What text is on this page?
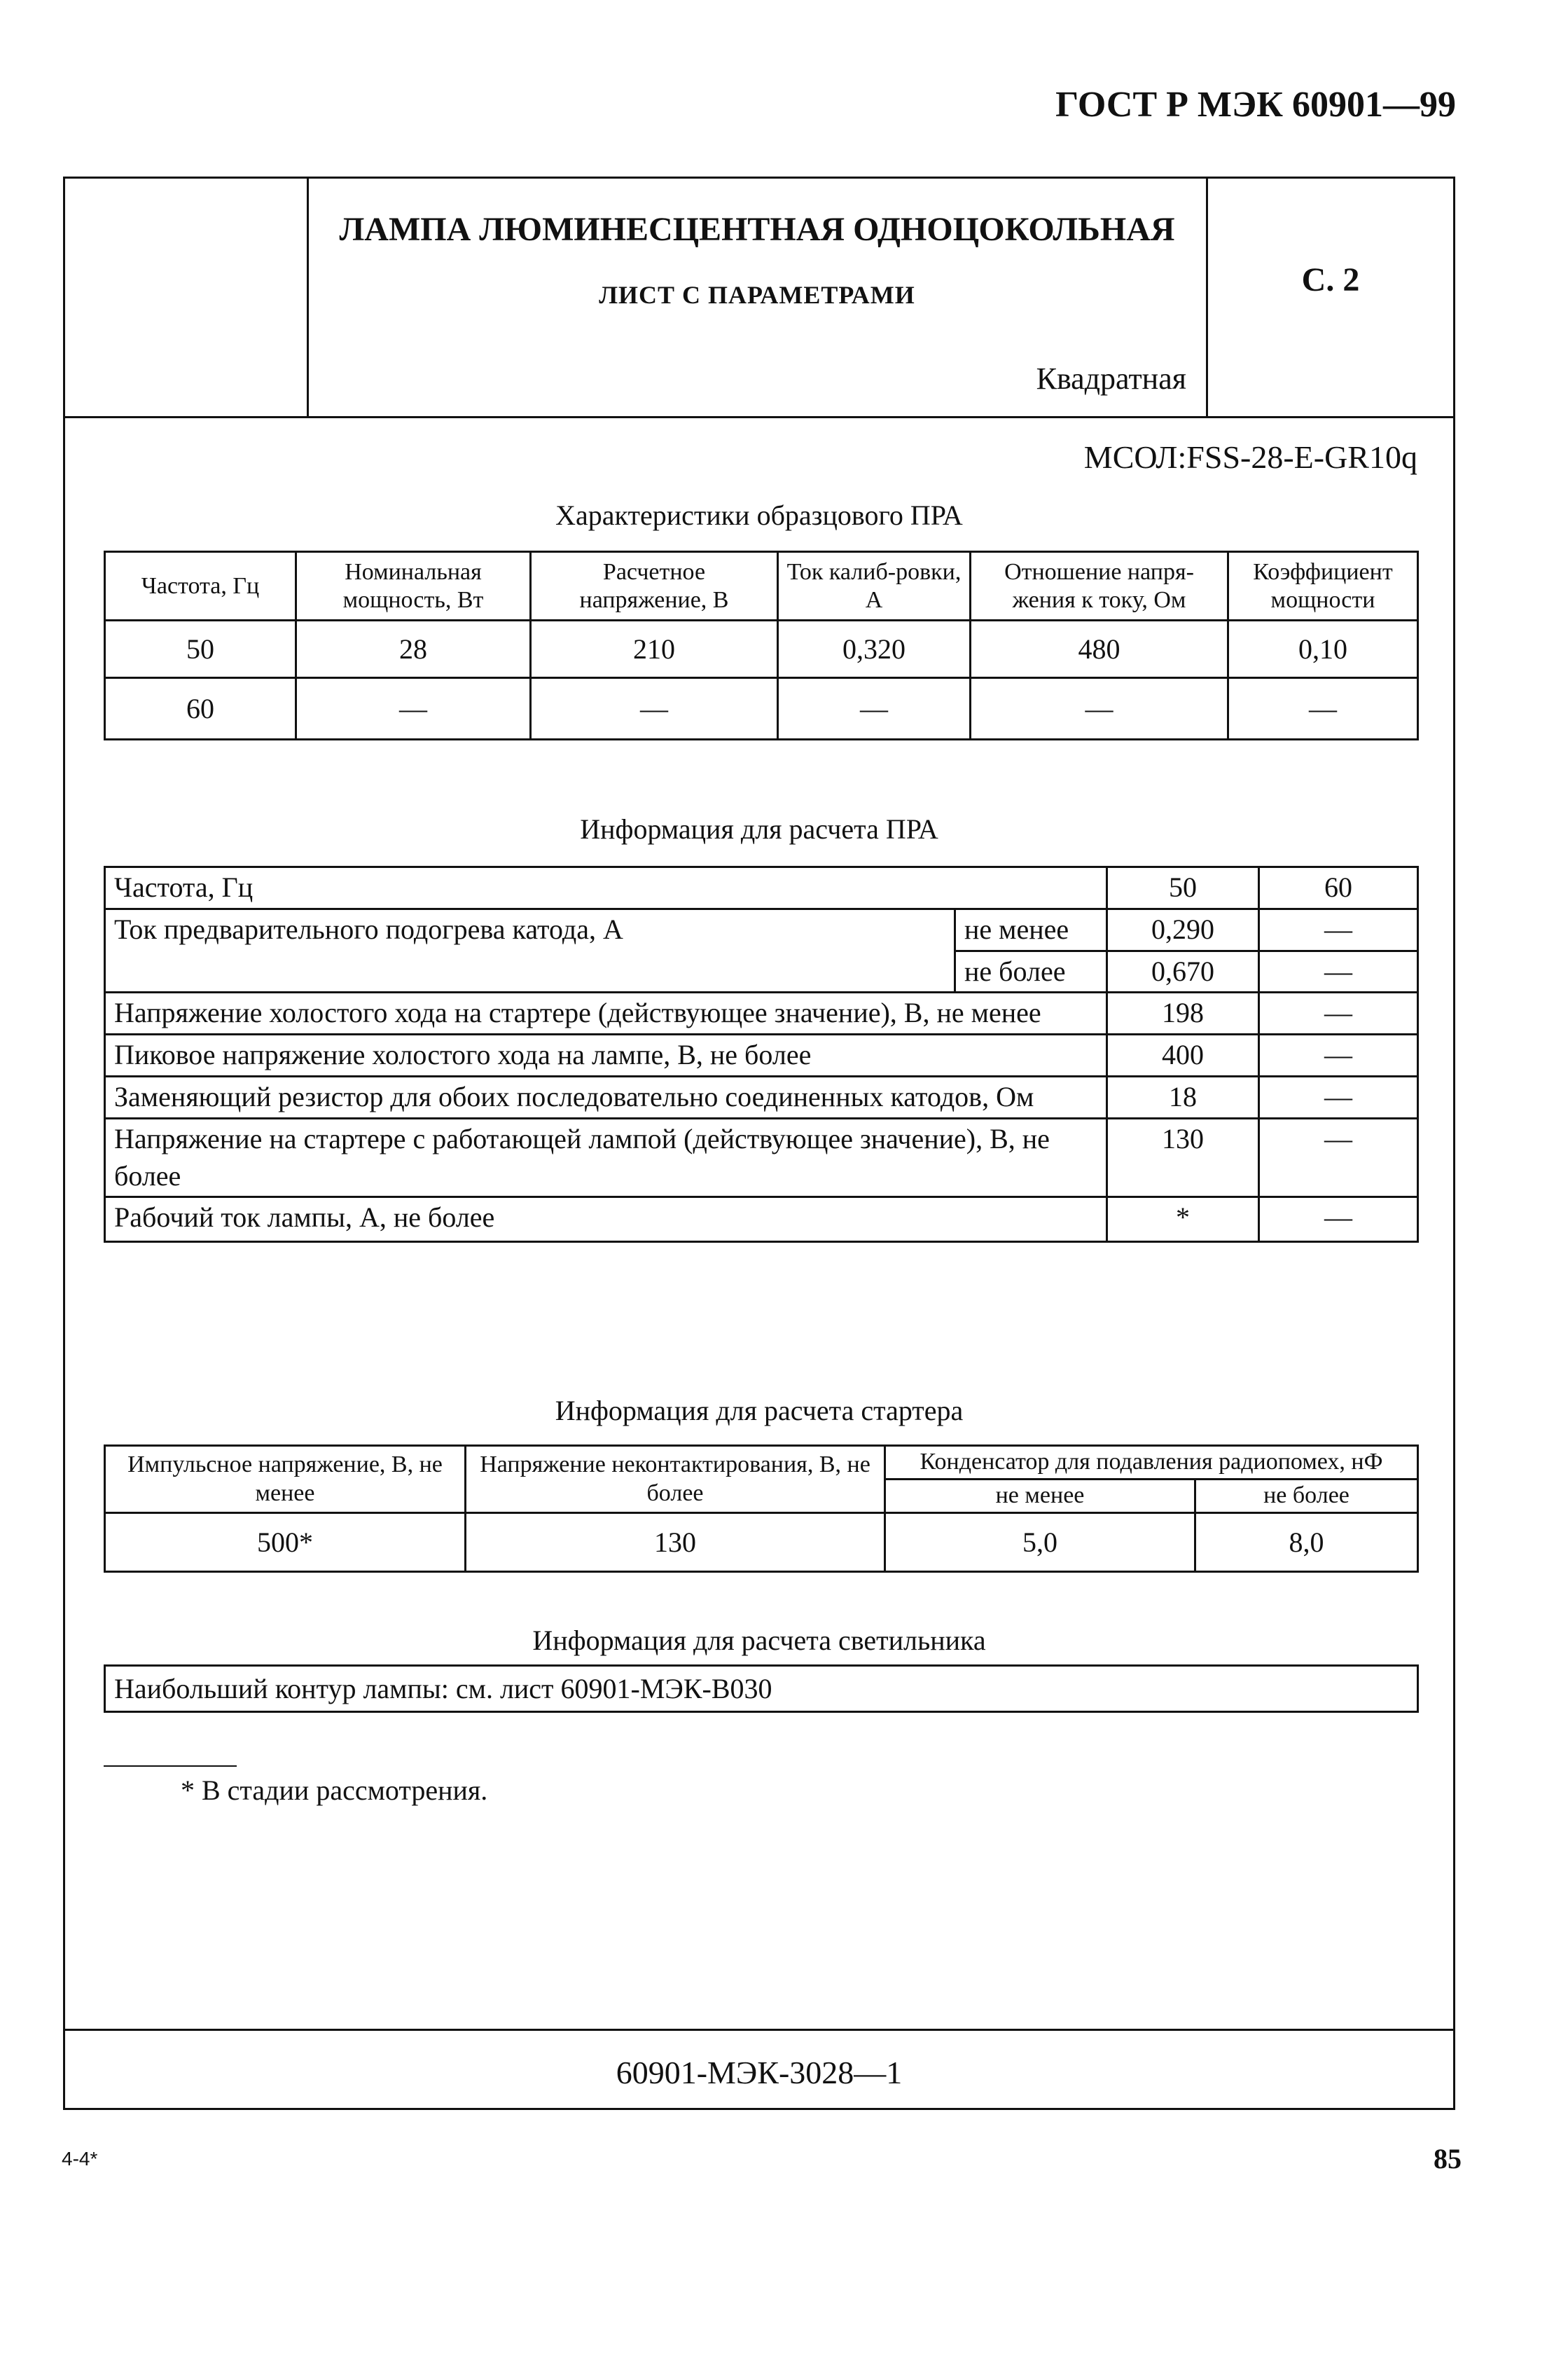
ГОСТ Р МЭК 60901—99
ЛАМПА ЛЮМИНЕСЦЕНТНАЯ ОДНОЦОКОЛЬНАЯ
ЛИСТ С ПАРАМЕТРАМИ
Квадратная
С. 2
МСОЛ:FSS-28-E-GR10q
Характеристики образцового ПРА
Частота, Гц	Номинальная мощность, Вт	Расчетное напряжение, В	Ток калиб-ровки, А	Отношение напря-жения к току, Ом	Коэффициент мощности
50	28	210	0,320	480	0,10
60	—	—	—	—	—
Информация для расчета ПРА
Частота, Гц		50	60
Ток предварительного подогрева катода, А	не менее	0,290	—
	не более	0,670	—
Напряжение холостого хода на стартере (действующее значение), В, не менее		198	—
Пиковое напряжение холостого хода на лампе, В, не более		400	—
Заменяющий резистор для обоих последовательно соединенных катодов, Ом		18	—
Напряжение на стартере с работающей лампой (действующее значение), В, не более		130	—
Рабочий ток лампы, А, не более		*	—
Информация для расчета стартера
Импульсное напряжение, В, не менее	Напряжение неконтактирования, В, не более	Конденсатор для подавления радиопомех, нФ	
		не менее	не более
500*	130	5,0	8,0
Информация для расчета светильника
Наибольший контур лампы: см. лист 60901-МЭК-В030
* В стадии рассмотрения.
60901-МЭК-3028—1
4-4*	85
